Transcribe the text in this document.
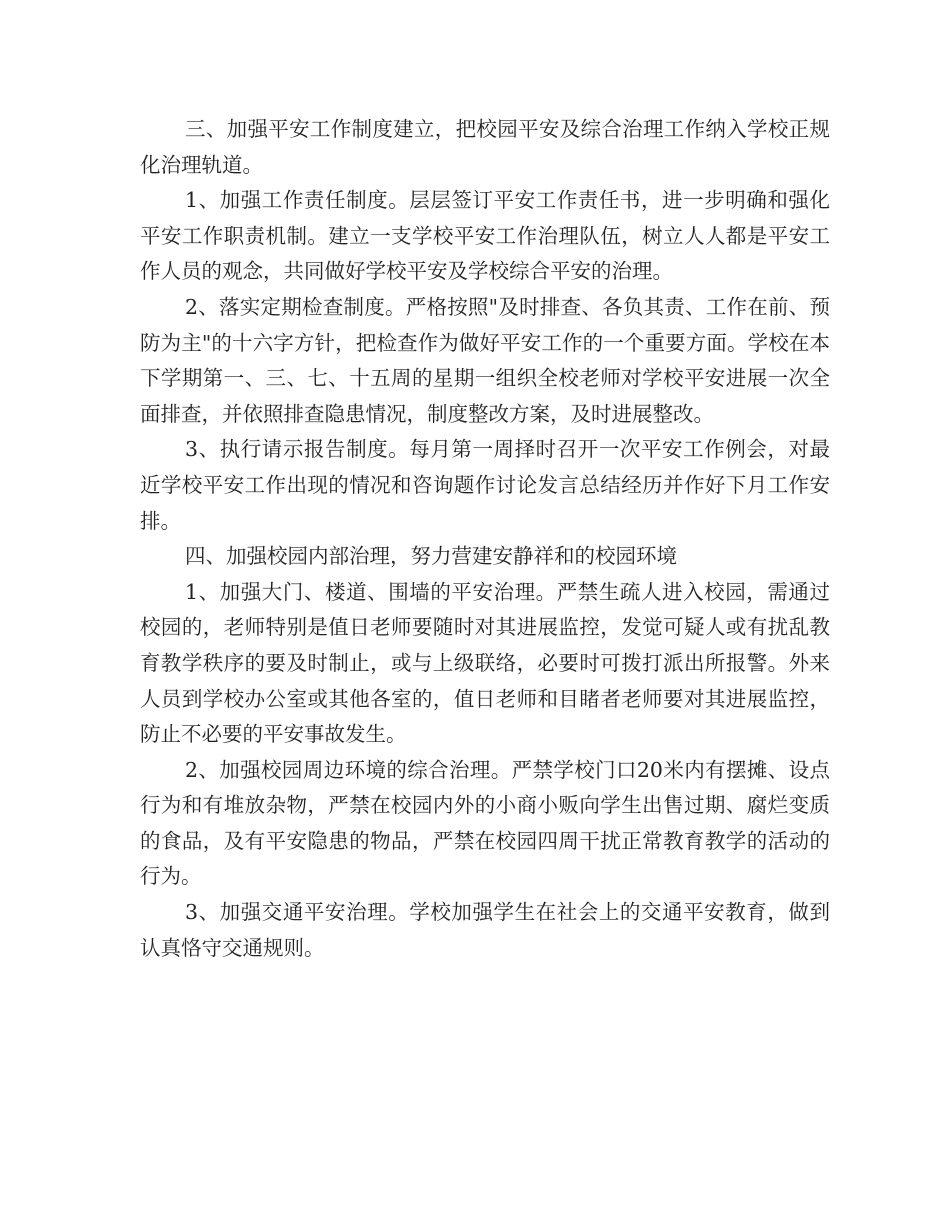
三、加强平安工作制度建立，把校园平安及综合治理工作纳入学校正规化治理轨道。

1、加强工作责任制度。层层签订平安工作责任书，进一步明确和强化平安工作职责机制。建立一支学校平安工作治理队伍，树立人人都是平安工作人员的观念，共同做好学校平安及学校综合平安的治理。

2、落实定期检查制度。严格按照"及时排查、各负其责、工作在前、预防为主"的十六字方针，把检查作为做好平安工作的一个重要方面。学校在本下学期第一、三、七、十五周的星期一组织全校老师对学校平安进展一次全面排查，并依照排查隐患情况，制度整改方案，及时进展整改。

3、执行请示报告制度。每月第一周择时召开一次平安工作例会，对最近学校平安工作出现的情况和咨询题作讨论发言总结经历并作好下月工作安排。

四、加强校园内部治理，努力营建安静祥和的校园环境

1、加强大门、楼道、围墙的平安治理。严禁生疏人进入校园，需通过校园的，老师特别是值日老师要随时对其进展监控，发觉可疑人或有扰乱教育教学秩序的要及时制止，或与上级联络，必要时可拨打派出所报警。外来人员到学校办公室或其他各室的，值日老师和目睹者老师要对其进展监控，防止不必要的平安事故发生。

2、加强校园周边环境的综合治理。严禁学校门口20米内有摆摊、设点行为和有堆放杂物，严禁在校园内外的小商小贩向学生出售过期、腐烂变质的食品，及有平安隐患的物品，严禁在校园四周干扰正常教育教学的活动的行为。

3、加强交通平安治理。学校加强学生在社会上的交通平安教育，做到认真恪守交通规则。
